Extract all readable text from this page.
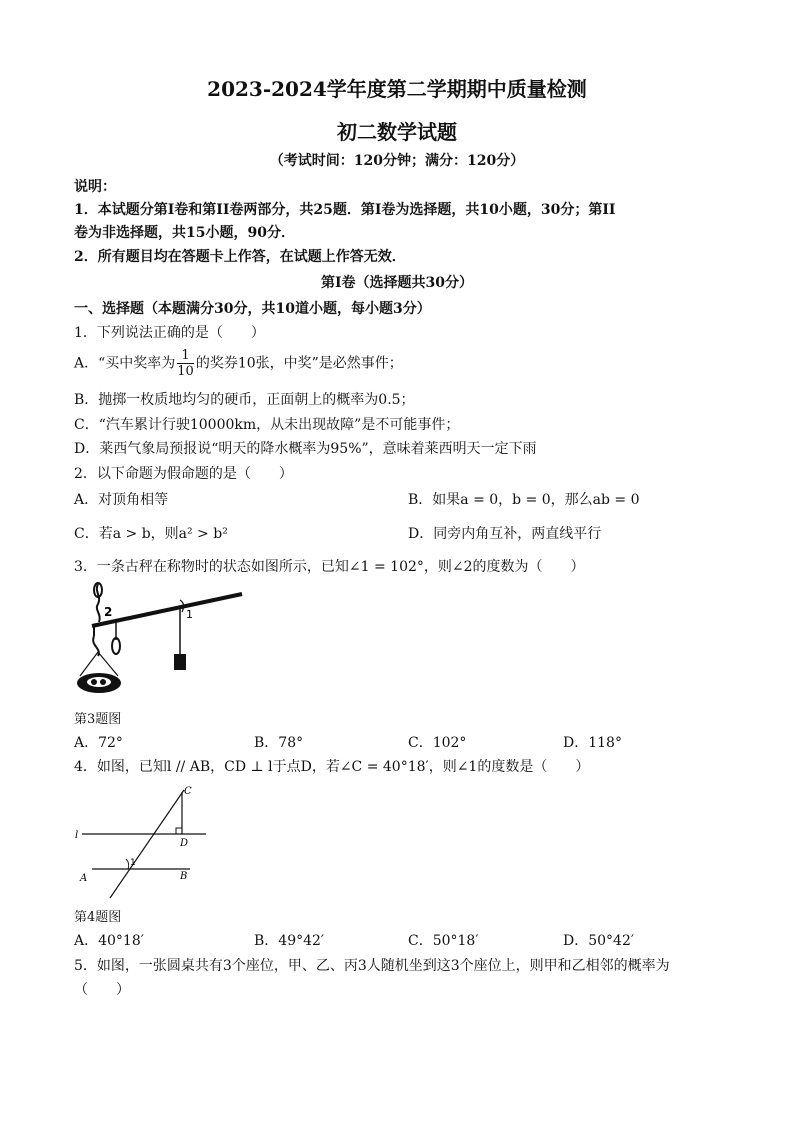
2023-2024学年度第二学期期中质量检测
初二数学试题
（考试时间：120分钟；满分：120分）
说明：
1．本试题分第I卷和第II卷两部分，共25题．第I卷为选择题，共10小题，30分；第II
卷为非选择题，共15小题，90分．
2．所有题目均在答题卡上作答，在试题上作答无效．
第I卷（选择题共30分）
一、选择题（本题满分30分，共10道小题，每小题3分）
1．下列说法正确的是（　　）
A．“买中奖率为 $\frac{1}{10}$ 的奖券10张，中奖”是必然事件；
B．抛掷一枚质地均匀的硬币，正面朝上的概率为0.5；
C．“汽车累计行驶10000km，从未出现故障”是不可能事件；
D．莱西气象局预报说“明天的降水概率为95%”，意味着莱西明天一定下雨
2．以下命题为假命题的是（　　）
A．对顶角相等	B．如果a = 0，b = 0，那么ab = 0
C．若a > b，则a² > b²	D．同旁内角互补，两直线平行
3．一条古秤在称物时的状态如图所示，已知∠1 = 102°，则∠2的度数为（　　）
2	1
第3题图
A．72°	B．78°	C．102°	D．118°
4．如图，已知l // AB，CD ⊥ l于点D，若∠C = 40°18′，则∠1的度数是（　　）
C
D
l
A	B
1
第4题图
A．40°18′	B．49°42′	C．50°18′	D．50°42′
5．如图，一张圆桌共有3个座位，甲、乙、丙3人随机坐到这3个座位上，则甲和乙相邻的概率为
（　　）
